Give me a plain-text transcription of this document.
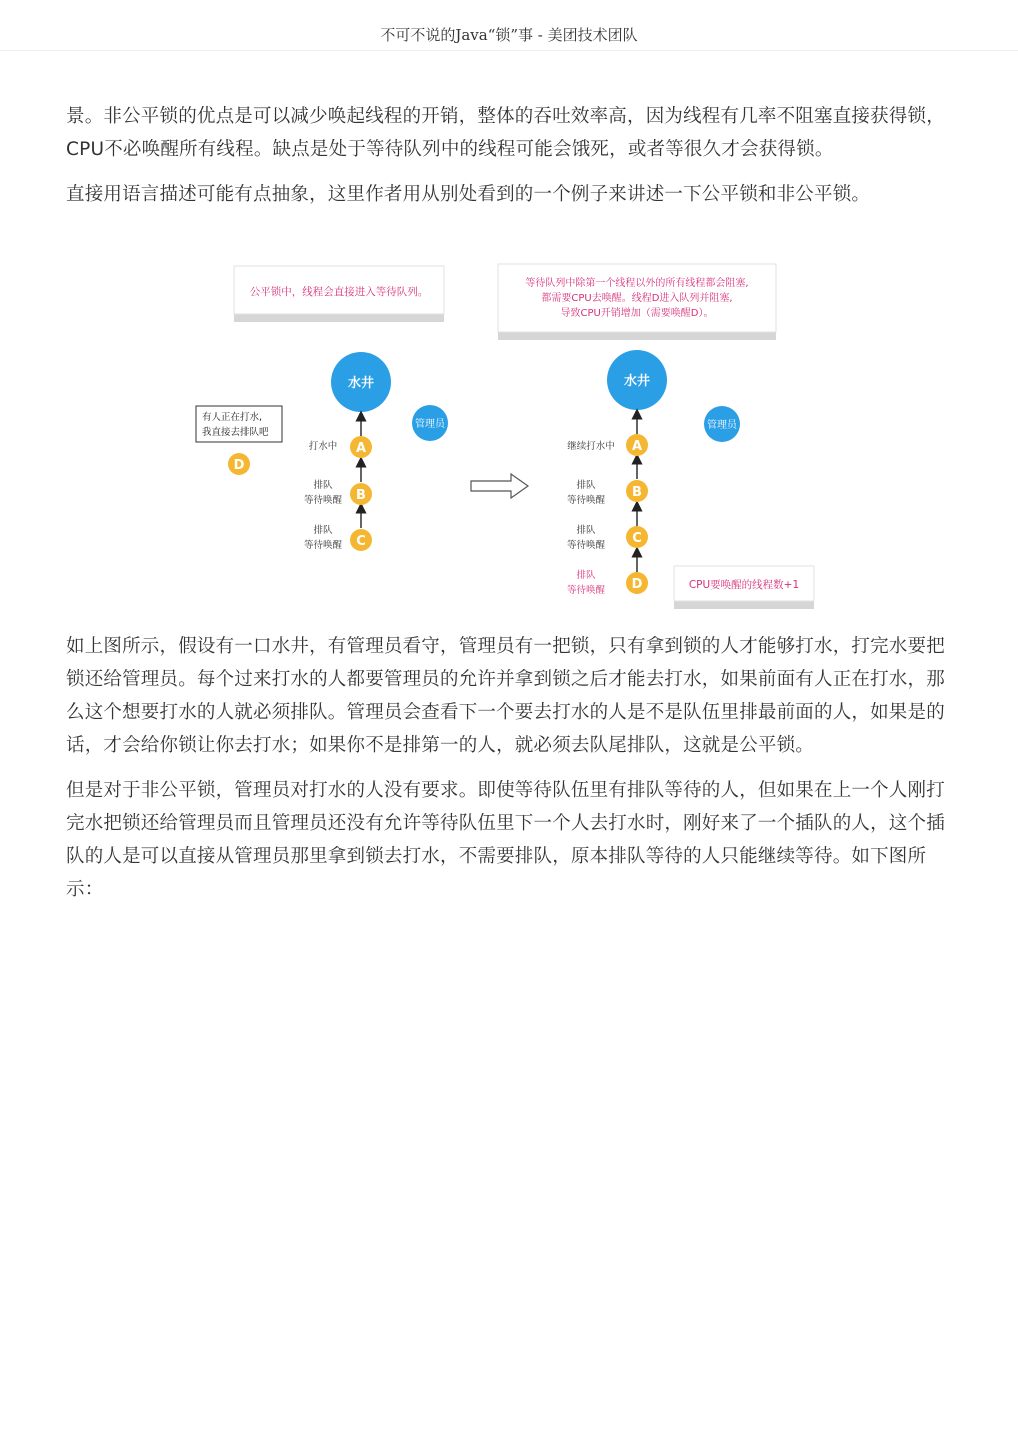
不可不说的Java“锁”事 - 美团技术团队

景。非公平锁的优点是可以减少唤起线程的开销，整体的吞吐效率高，因为线程有几率不阻塞直接获得锁，CPU不必唤醒所有线程。缺点是处于等待队列中的线程可能会饿死，或者等很久才会获得锁。

直接用语言描述可能有点抽象，这里作者用从别处看到的一个例子来讲述一下公平锁和非公平锁。

公平锁中，线程会直接进入等待队列。
水井
管理员
有人正在打水,
我直接去排队吧
D
A
打水中
B
排队
等待唤醒
C
排队
等待唤醒
等待队列中除第一个线程以外的所有线程都会阻塞,
都需要CPU去唤醒。线程D进入队列并阻塞,
导致CPU开销增加（需要唤醒D）。
水井
管理员
A
继续打水中
B
排队
等待唤醒
C
排队
等待唤醒
D
排队
等待唤醒	CPU要唤醒的线程数+1

如上图所示，假设有一口水井，有管理员看守，管理员有一把锁，只有拿到锁的人才能够打水，打完水要把锁还给管理员。每个过来打水的人都要管理员的允许并拿到锁之后才能去打水，如果前面有人正在打水，那么这个想要打水的人就必须排队。管理员会查看下一个要去打水的人是不是队伍里排最前面的人，如果是的话，才会给你锁让你去打水；如果你不是排第一的人，就必须去队尾排队，这就是公平锁。

但是对于非公平锁，管理员对打水的人没有要求。即使等待队伍里有排队等待的人，但如果在上一个人刚打完水把锁还给管理员而且管理员还没有允许等待队伍里下一个人去打水时，刚好来了一个插队的人，这个插队的人是可以直接从管理员那里拿到锁去打水，不需要排队，原本排队等待的人只能继续等待。如下图所示：
